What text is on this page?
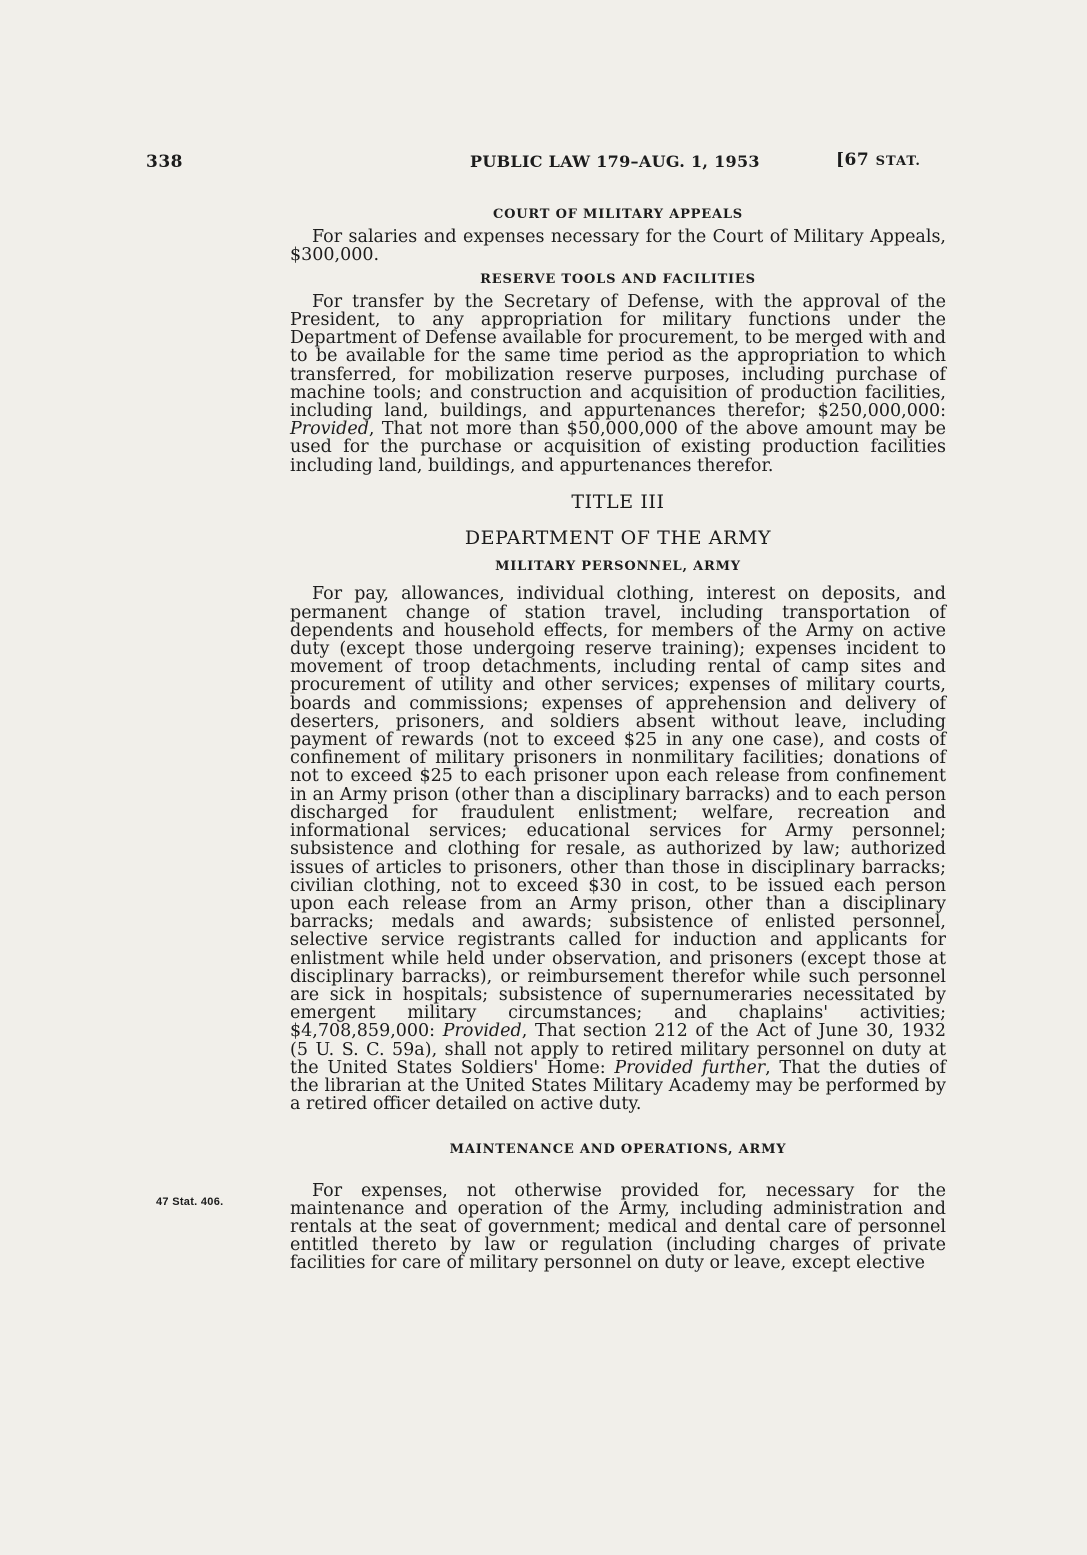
338	PUBLIC LAW 179–AUG. 1, 1953	[67 STAT.
47 Stat. 406.
COURT OF MILITARY APPEALS

For salaries and expenses necessary for the Court of Military Appeals, $300,000.

RESERVE TOOLS AND FACILITIES

For transfer by the Secretary of Defense, with the approval of the President, to any appropriation for military functions under the Department of Defense available for procurement, to be merged with and to be available for the same time period as the appropriation to which transferred, for mobilization reserve purposes, including purchase of machine tools; and construction and acquisition of production facilities, including land, buildings, and appurtenances therefor; $250,000,000: Provided, That not more than $50,000,000 of the above amount may be used for the purchase or acquisition of existing production facilities including land, buildings, and appurtenances therefor.

TITLE III
DEPARTMENT OF THE ARMY
MILITARY PERSONNEL, ARMY

For pay, allowances, individual clothing, interest on deposits, and permanent change of station travel, including transportation of dependents and household effects, for members of the Army on active duty (except those undergoing reserve training); expenses incident to movement of troop detachments, including rental of camp sites and procurement of utility and other services; expenses of military courts, boards and commissions; expenses of apprehension and delivery of deserters, prisoners, and soldiers absent without leave, including payment of rewards (not to exceed $25 in any one case), and costs of confinement of military prisoners in nonmilitary facilities; donations of not to exceed $25 to each prisoner upon each release from confinement in an Army prison (other than a disciplinary barracks) and to each person discharged for fraudulent enlistment; welfare, recreation and informational services; educational services for Army personnel; subsistence and clothing for resale, as authorized by law; authorized issues of articles to prisoners, other than those in disciplinary barracks; civilian clothing, not to exceed $30 in cost, to be issued each person upon each release from an Army prison, other than a disciplinary barracks; medals and awards; subsistence of enlisted personnel, selective service registrants called for induction and applicants for enlistment while held under observation, and prisoners (except those at disciplinary barracks), or reimbursement therefor while such personnel are sick in hospitals; subsistence of supernumeraries necessitated by emergent military circumstances; and chaplains' activities; $4,708,859,000: Provided, That section 212 of the Act of June 30, 1932 (5 U. S. C. 59a), shall not apply to retired military personnel on duty at the United States Soldiers' Home: Provided further, That the duties of the librarian at the United States Military Academy may be performed by a retired officer detailed on active duty.

MAINTENANCE AND OPERATIONS, ARMY

For expenses, not otherwise provided for, necessary for the maintenance and operation of the Army, including administration and rentals at the seat of government; medical and dental care of personnel entitled thereto by law or regulation (including charges of private facilities for care of military personnel on duty or leave, except elective
